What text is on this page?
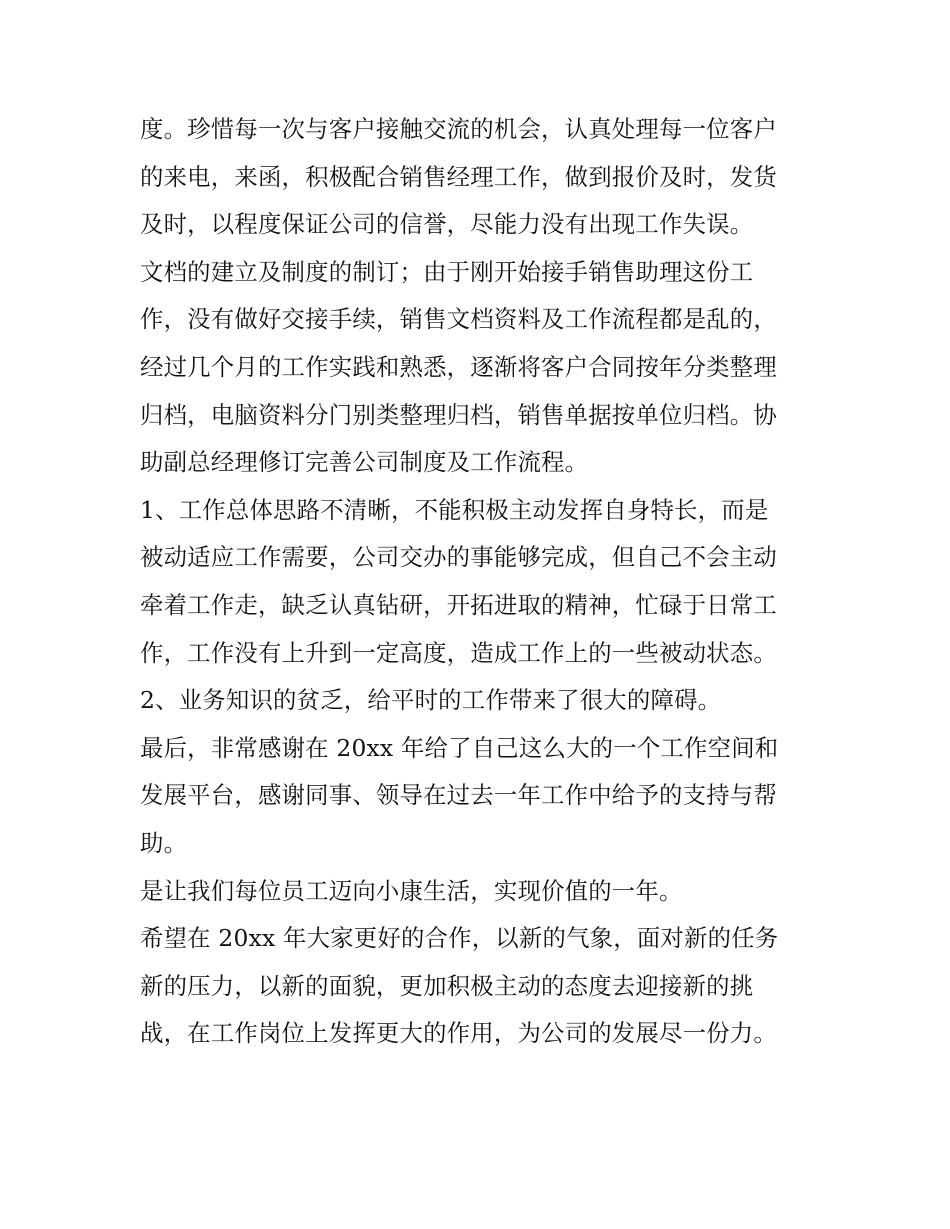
度。珍惜每一次与客户接触交流的机会，认真处理每一位客户
的来电，来函，积极配合销售经理工作，做到报价及时，发货
及时，以程度保证公司的信誉，尽能力没有出现工作失误。
文档的建立及制度的制订；由于刚开始接手销售助理这份工
作，没有做好交接手续，销售文档资料及工作流程都是乱的，
经过几个月的工作实践和熟悉，逐渐将客户合同按年分类整理
归档，电脑资料分门别类整理归档，销售单据按单位归档。协
助副总经理修订完善公司制度及工作流程。
1、工作总体思路不清晰，不能积极主动发挥自身特长，而是
被动适应工作需要，公司交办的事能够完成，但自己不会主动
牵着工作走，缺乏认真钻研，开拓进取的精神，忙碌于日常工
作，工作没有上升到一定高度，造成工作上的一些被动状态。
2、业务知识的贫乏，给平时的工作带来了很大的障碍。
最后，非常感谢在 20xx 年给了自己这么大的一个工作空间和
发展平台，感谢同事、领导在过去一年工作中给予的支持与帮
助。
是让我们每位员工迈向小康生活，实现价值的一年。
希望在 20xx 年大家更好的合作，以新的气象，面对新的任务
新的压力，以新的面貌，更加积极主动的态度去迎接新的挑
战，在工作岗位上发挥更大的作用，为公司的发展尽一份力。
